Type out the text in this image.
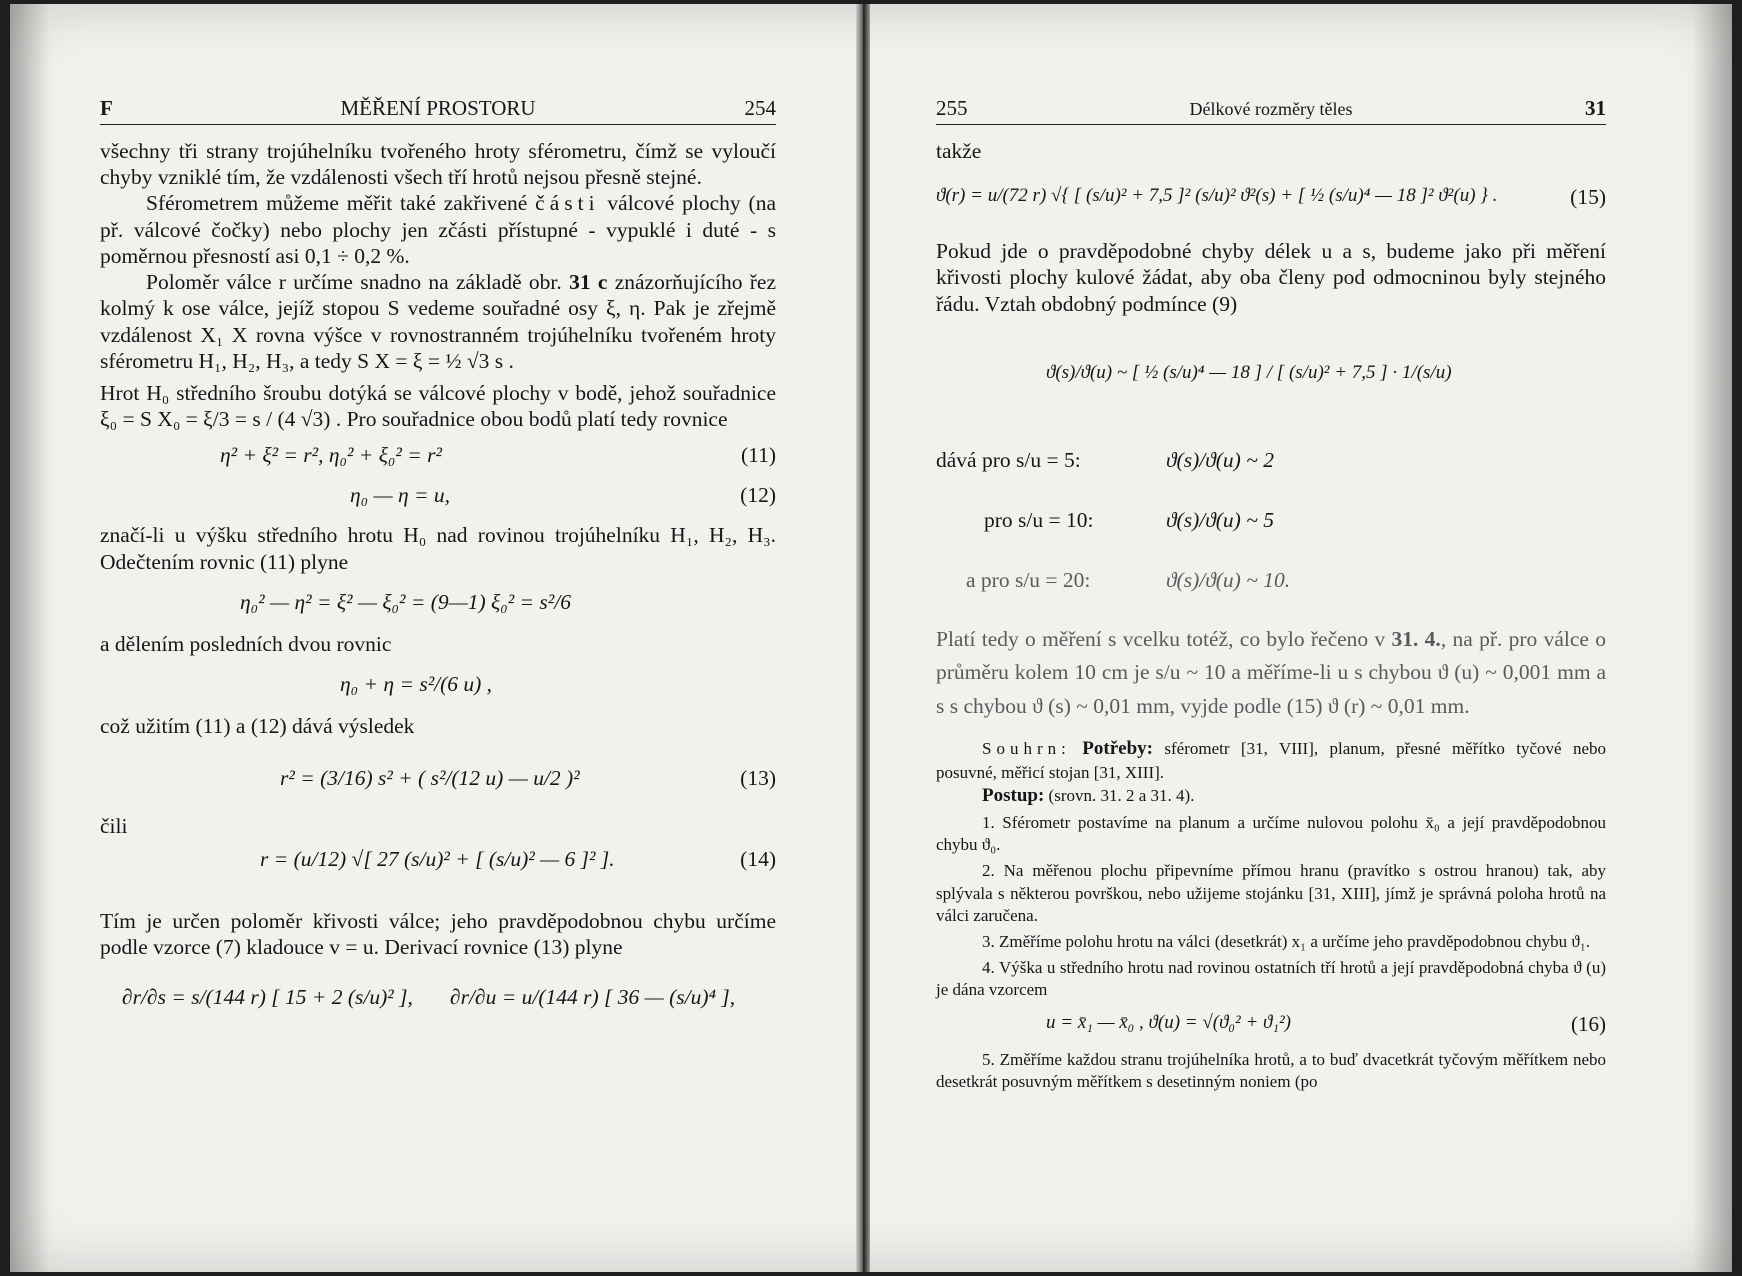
F	MĚŘENÍ PROSTORU	254

všechny tři strany trojúhelníku tvořeného hroty sférometru, čímž se vyloučí chyby vzniklé tím, že vzdálenosti všech tří hrotů nejsou přesně stejné.

Sférometrem můžeme měřit také zakřivené části válcové plochy (na př. válcové čočky) nebo plochy jen zčásti přístupné - vypuklé i duté - s poměrnou přesností asi 0,1 ÷ 0,2 %.

Poloměr válce r určíme snadno na základě obr. 31 c znázorňujícího řez kolmý k ose válce, jejíž stopou S vedeme souřadné osy ξ, η. Pak je zřejmě vzdálenost X₁ X rovna výšce v rovnostranném trojúhelníku tvořeném hroty sférometru H₁, H₂, H₃, a tedy S X = ξ = ½ √3 s .

Hrot H₀ středního šroubu dotýká se válcové plochy v bodě, jehož souřadnice ξ₀ = S X₀ = ξ/3 = s / (4 √3) . Pro souřadnice obou bodů platí tedy rovnice

η² + ξ² = r², η₀² + ξ₀² = r²	(11)
η₀ — η = u,	(12)

značí-li u výšku středního hrotu H₀ nad rovinou trojúhelníku H₁, H₂, H₃. Odečtením rovnic (11) plyne

η₀² — η² = ξ² — ξ₀² = (9—1) ξ₀² = s²/6

a dělením posledních dvou rovnic

η₀ + η = s²/(6 u) ,

což užitím (11) a (12) dává výsledek

r² = (3/16) s² + ( s²/(12 u) — u/2 )²	(13)

čili

r = (u/12) √[ 27 (s/u)² + [ (s/u)² — 6 ]² ].	(14)

Tím je určen poloměr křivosti válce; jeho pravděpodobnou chybu určíme podle vzorce (7) kladouce v = u. Derivací rovnice (13) plyne

∂r/∂s = s/(144 r) [ 15 + 2 (s/u)² ], ∂r/∂u = u/(144 r) [ 36 — (s/u)⁴ ],
255	Délkové rozměry těles	31

takže

ϑ(r) = u/(72 r) √{ [ (s/u)² + 7,5 ]² (s/u)² ϑ²(s) + [ ½ (s/u)⁴ — 18 ]² ϑ²(u) } .	(15)

Pokud jde o pravděpodobné chyby délek u a s, budeme jako při měření křivosti plochy kulové žádat, aby oba členy pod odmocninou byly stejného řádu. Vztah obdobný podmínce (9)

ϑ(s)/ϑ(u) ~ [ ½ (s/u)⁴ — 18 ] / [ (s/u)² + 7,5 ] · 1/(s/u)
dává pro s/u = 5:	ϑ(s)/ϑ(u) ~ 2
pro s/u = 10:	ϑ(s)/ϑ(u) ~ 5
a pro s/u = 20:	ϑ(s)/ϑ(u) ~ 10.

Platí tedy o měření s vcelku totéž, co bylo řečeno v 31. 4., na př. pro válce o průměru kolem 10 cm je s/u ~ 10 a měříme-li u s chybou ϑ (u) ~ 0,001 mm a s s chybou ϑ (s) ~ 0,01 mm, vyjde podle (15) ϑ (r) ~ 0,01 mm.

Souhrn: Potřeby: sférometr [31, VIII], planum, přesné měřítko tyčové nebo posuvné, měřicí stojan [31, XIII].

Postup: (srovn. 31. 2 a 31. 4).

1. Sférometr postavíme na planum a určíme nulovou polohu x̄₀ a její pravděpodobnou chybu ϑ₀.

2. Na měřenou plochu připevníme přímou hranu (pravítko s ostrou hranou) tak, aby splývala s některou površkou, nebo užijeme stojánku [31, XIII], jímž je správná poloha hrotů na válci zaručena.

3. Změříme polohu hrotu na válci (desetkrát) x₁ a určíme jeho pravděpodobnou chybu ϑ₁.

4. Výška u středního hrotu nad rovinou ostatních tří hrotů a její pravděpodobná chyba ϑ (u) je dána vzorcem

u = x̄₁ — x̄₀ , ϑ(u) = √(ϑ₀² + ϑ₁²)	(16)

5. Změříme každou stranu trojúhelníka hrotů, a to buď dvacetkrát tyčovým měřítkem nebo desetkrát posuvným měřítkem s desetinným noniem (po
